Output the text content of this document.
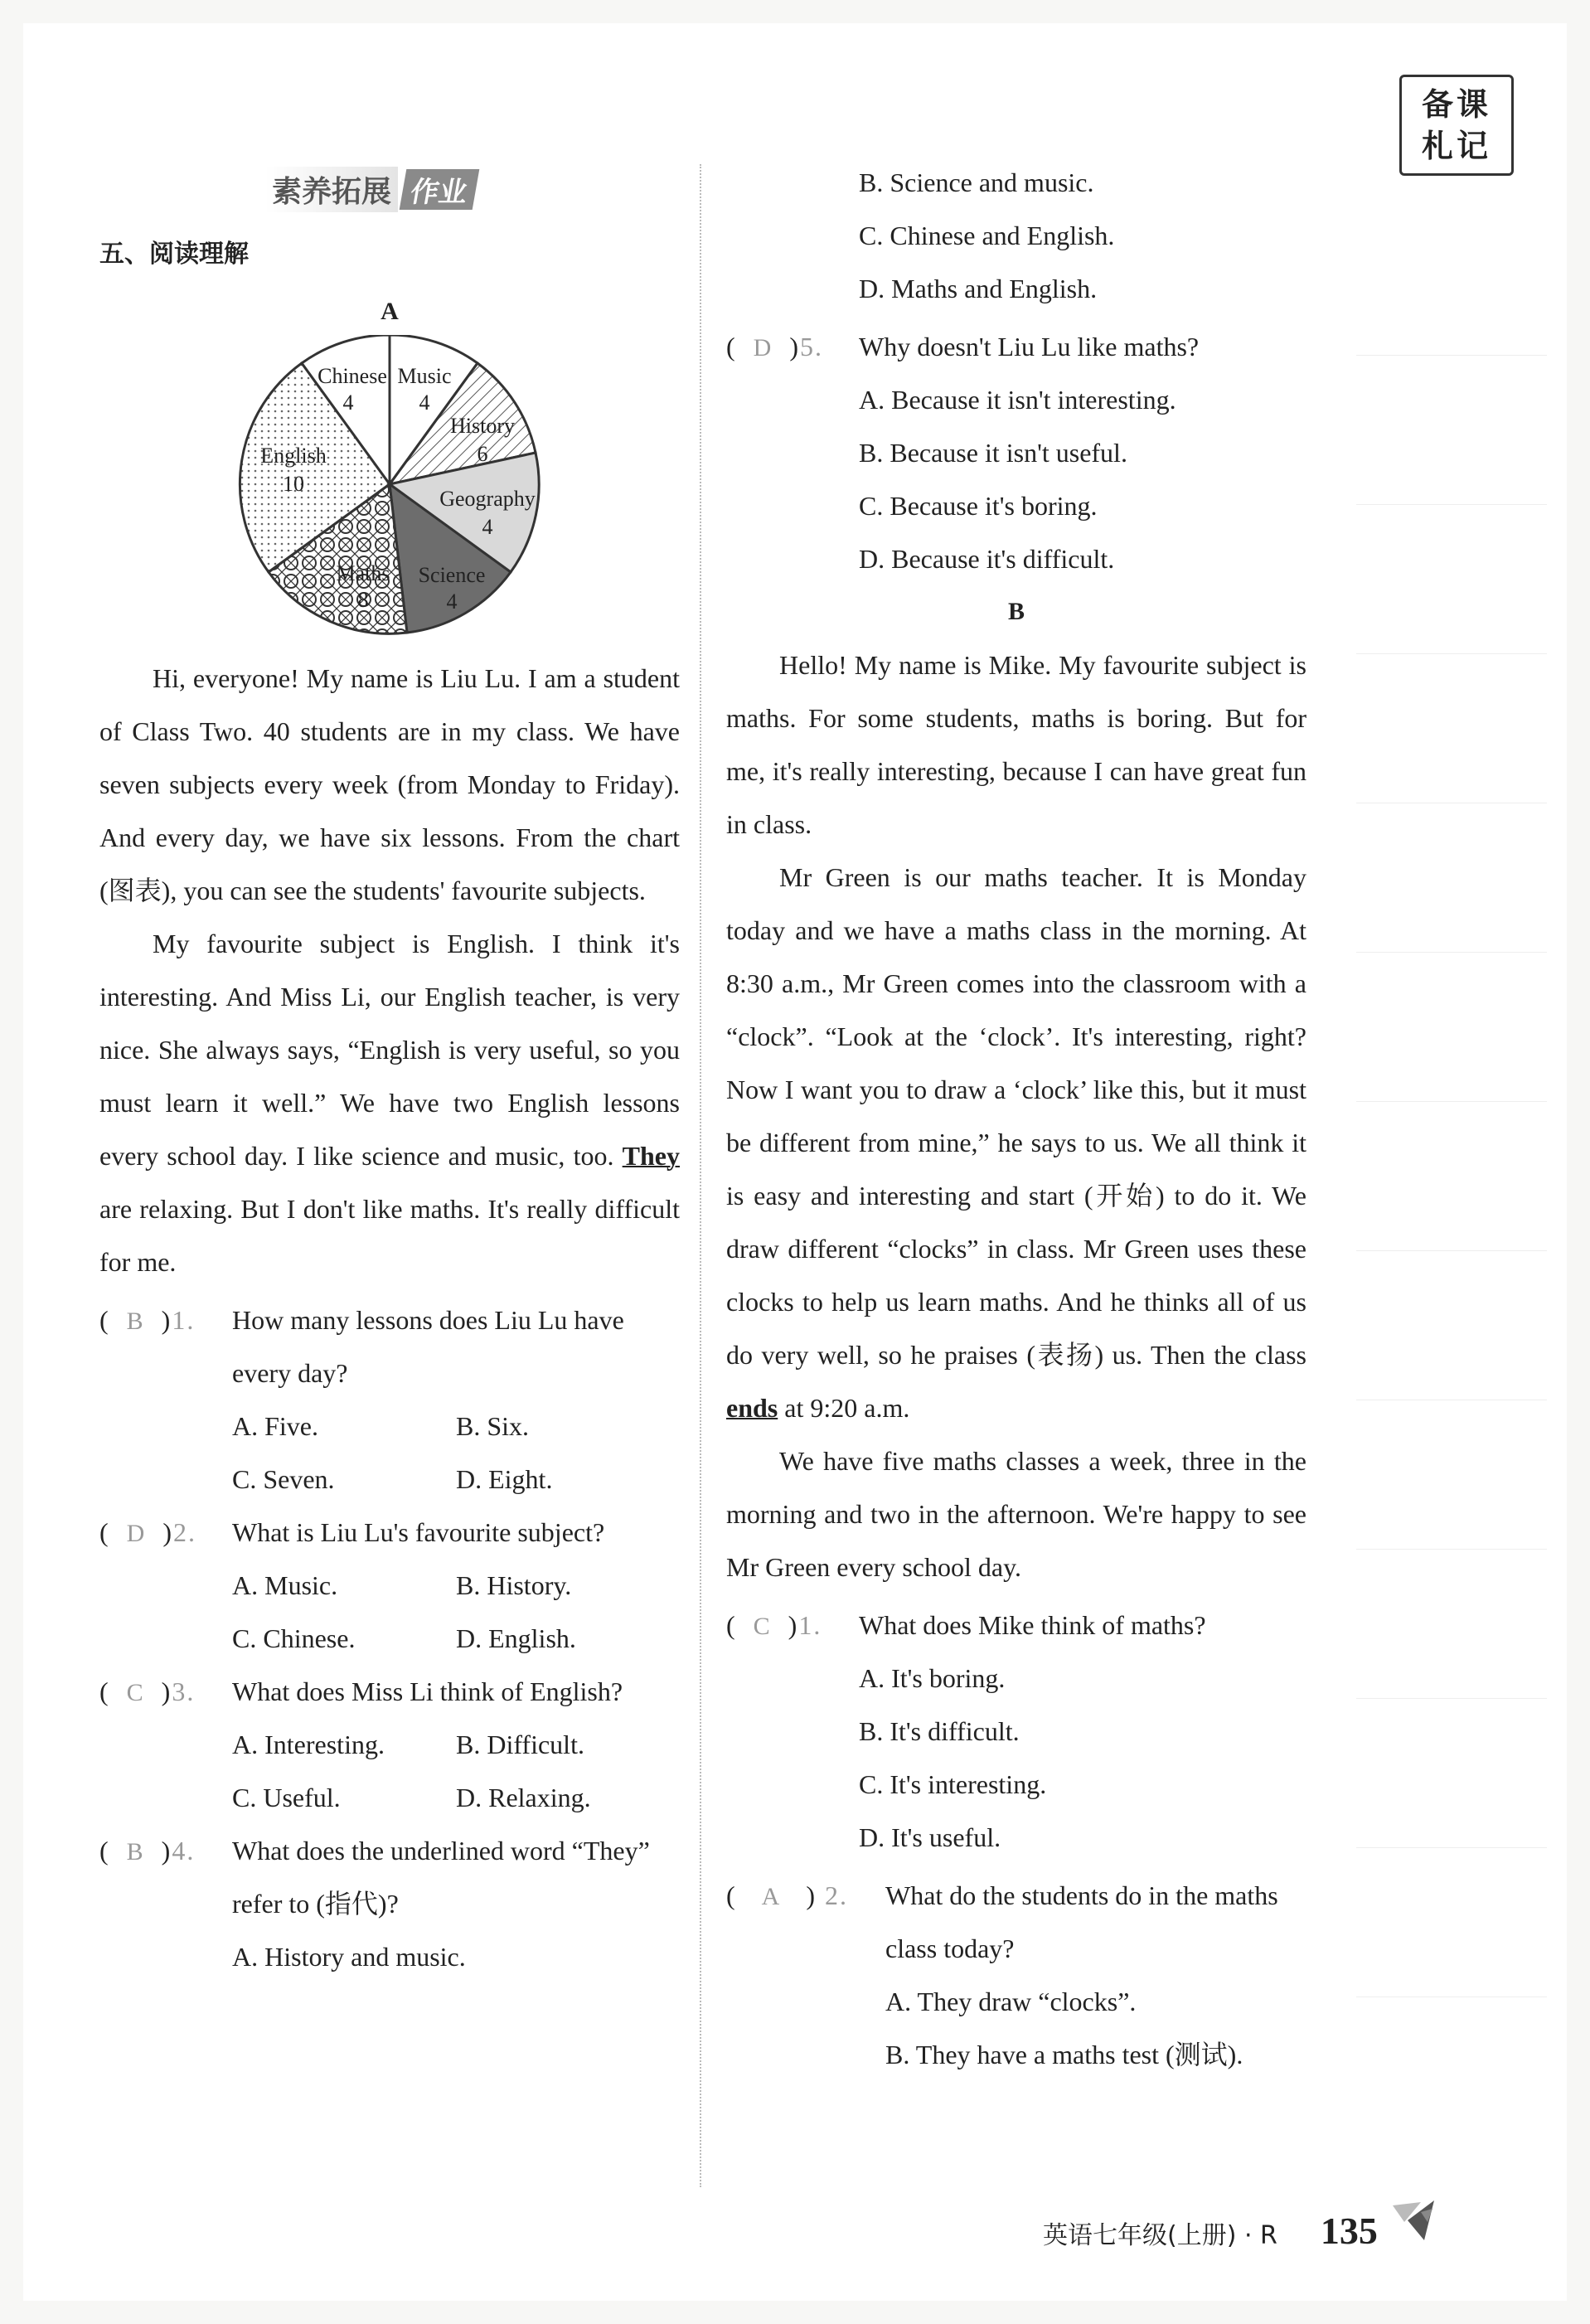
备课札记
素养拓展 作业
五、阅读理解
A
Chinese
4
Music
4
History
6
Geography
4
Science
4
Maths
8
English
10

Hi, everyone! My name is Liu Lu. I am a student of Class Two. 40 students are in my class. We have seven subjects every week (from Monday to Friday). And every day, we have six lessons. From the chart (图表), you can see the students' favourite subjects.

My favourite subject is English. I think it's interesting. And Miss Li, our English teacher, is very nice. She always says, “English is very useful, so you must learn it well.” We have two English lessons every school day. I like science and music, too. They are relaxing. But I don't like maths. It's really difficult for me.

(  B  )1.	How many lessons does Liu Lu have every day?

A. Five.	B. Six.
C. Seven.	D. Eight.

(  D  )2.	What is Liu Lu's favourite subject?

A. Music.	B. History.
C. Chinese.	D. English.

(  C  )3.	What does Miss Li think of English?

A. Interesting.	B. Difficult.
C. Useful.	D. Relaxing.

(  B  )4.	What does the underlined word “They” refer to (指代)?

A. History and music.
B. Science and music.
C. Chinese and English.
D. Maths and English.

(  D  )5.	Why doesn't Liu Lu like maths?

A. Because it isn't interesting.
B. Because it isn't useful.
C. Because it's boring.
D. Because it's difficult.
B

Hello! My name is Mike. My favourite subject is maths. For some students, maths is boring. But for me, it's really interesting, because I can have great fun in class.

Mr Green is our maths teacher. It is Monday today and we have a maths class in the morning. At 8:30 a.m., Mr Green comes into the classroom with a “clock”. “Look at the ‘clock’. It's interesting, right? Now I want you to draw a ‘clock’ like this, but it must be different from mine,” he says to us. We all think it is easy and interesting and start (开始) to do it. We draw different “clocks” in class. Mr Green uses these clocks to help us learn maths. And he thinks all of us do very well, so he praises (表扬) us. Then the class ends at 9:20 a.m.

We have five maths classes a week, three in the morning and two in the afternoon. We're happy to see Mr Green every school day.

(  C  )1.	What does Mike think of maths?

A. It's boring.
B. It's difficult.
C. It's interesting.
D. It's useful.

(   A   ) 2.	What do the students do in the maths class today?

A. They draw “clocks”.
B. They have a maths test (测试).
英语七年级(上册) · R 135
